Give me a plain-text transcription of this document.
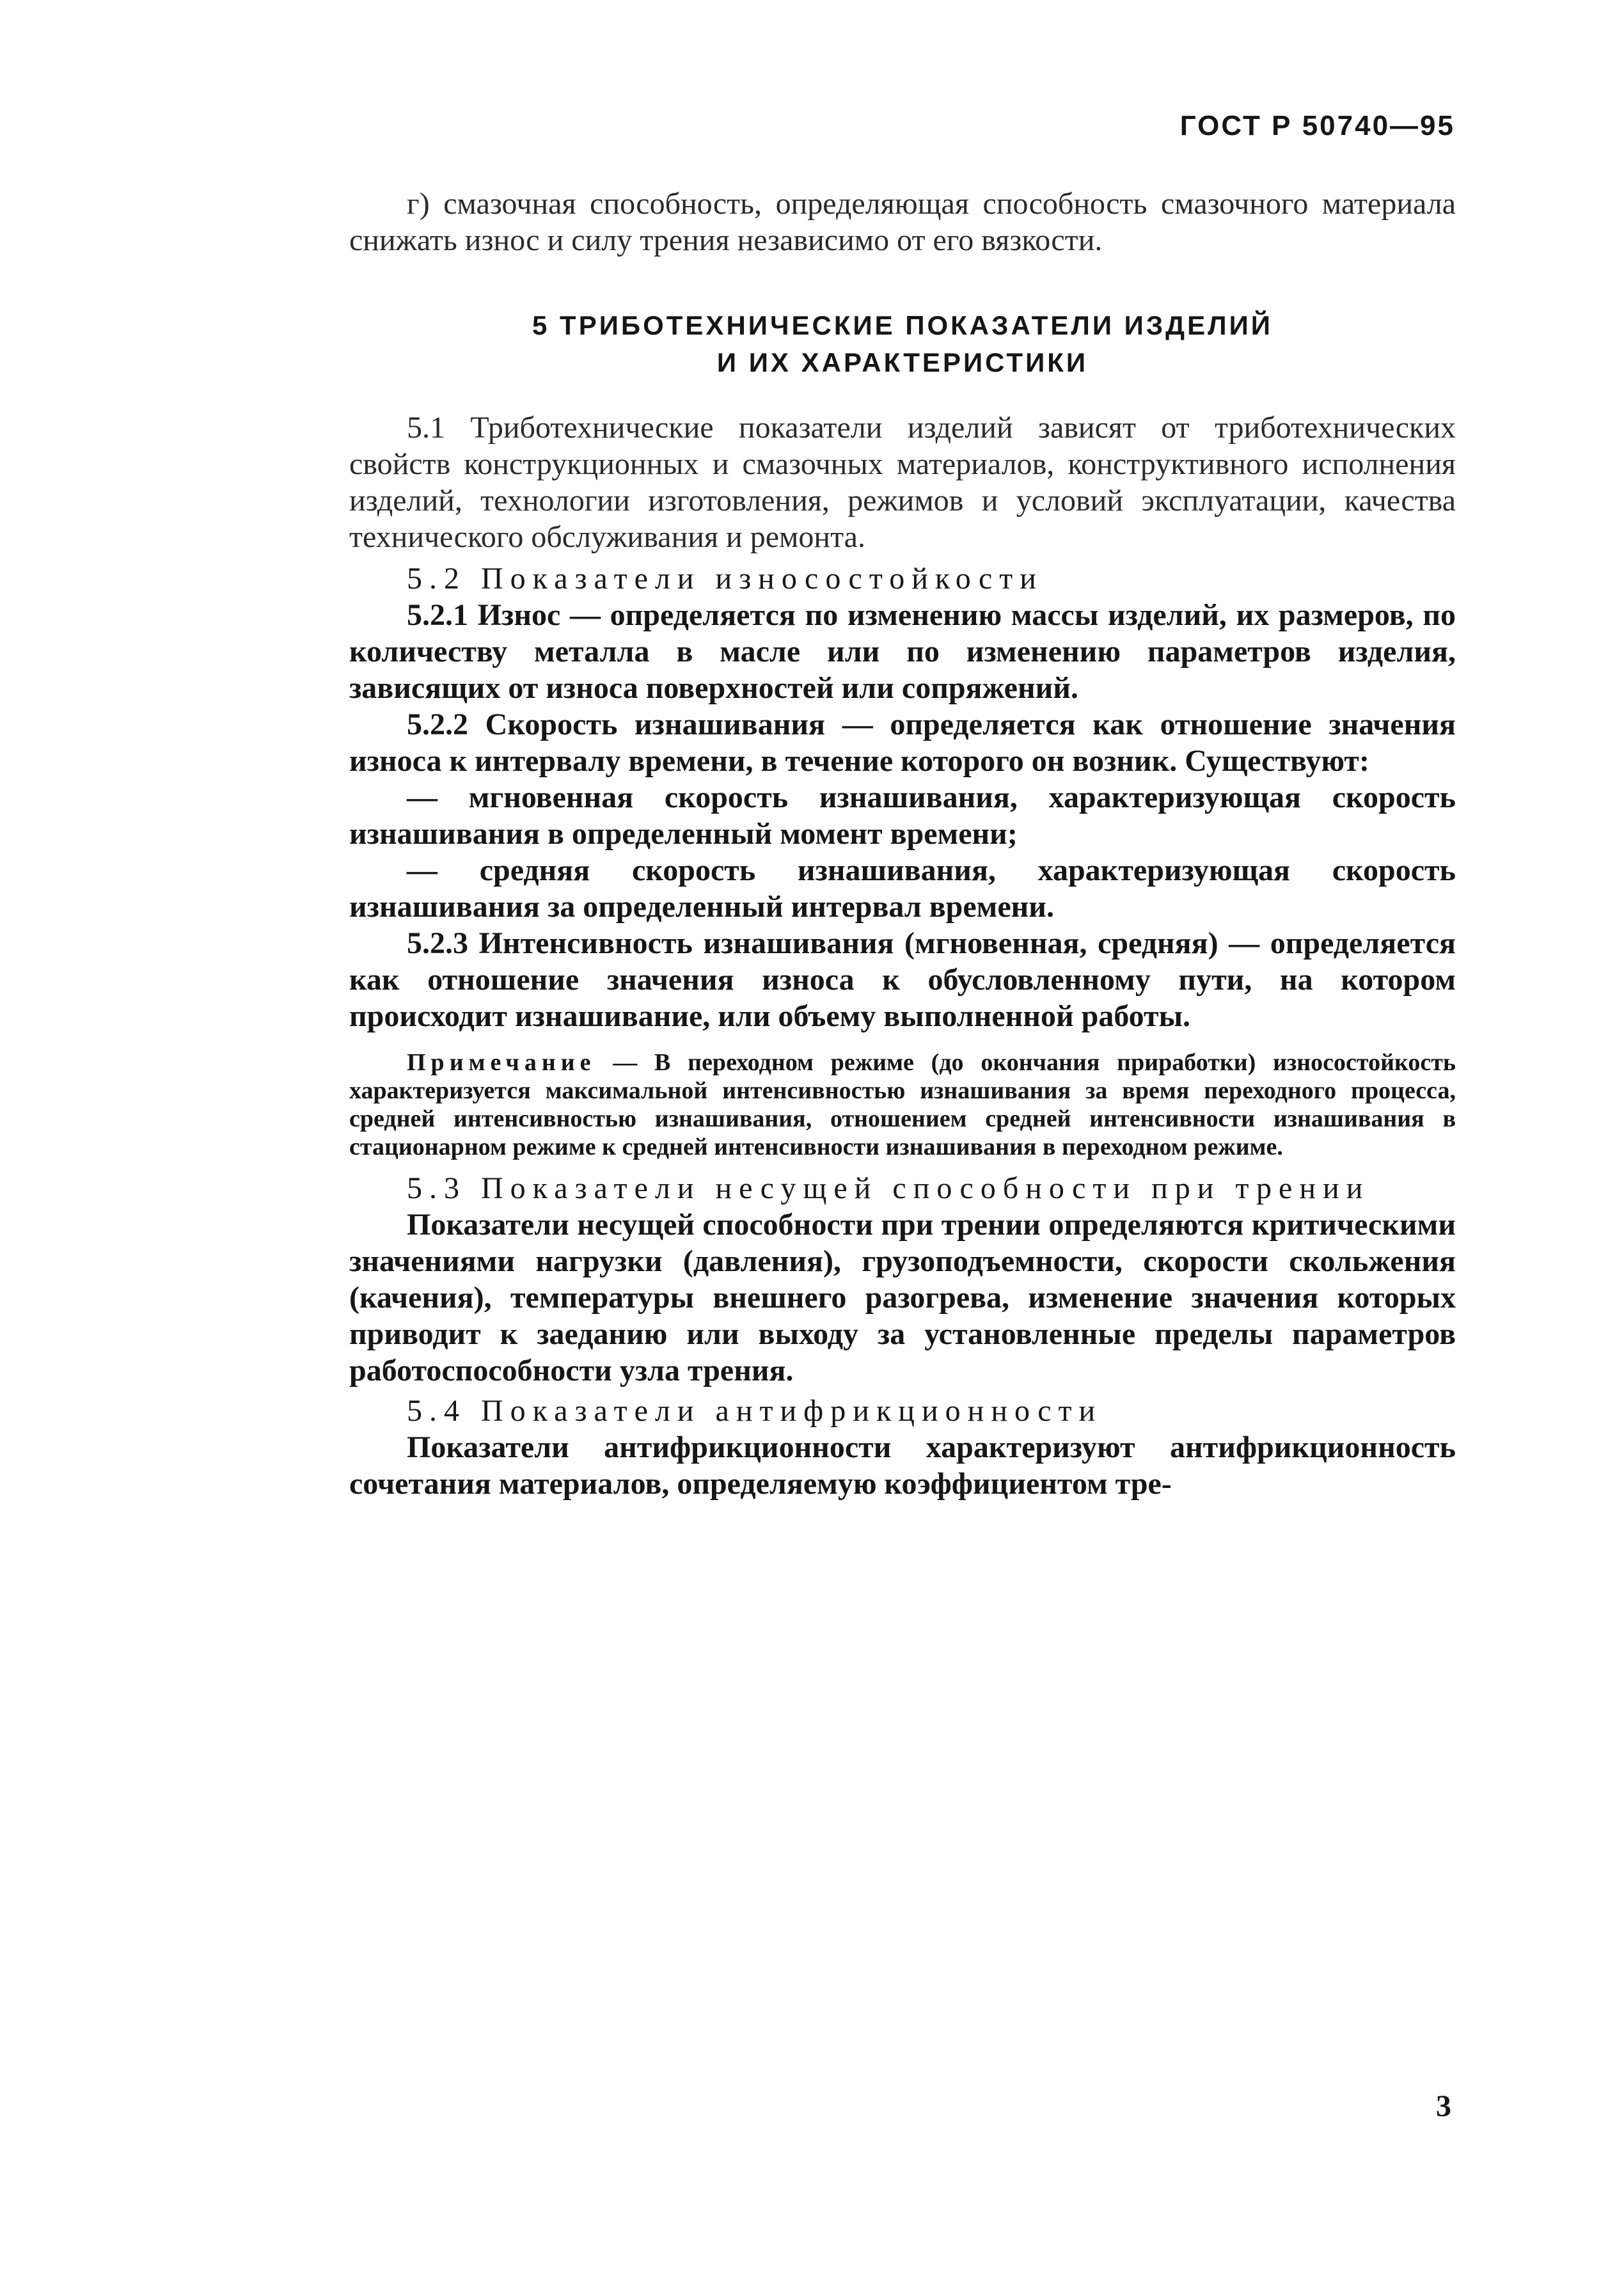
ГОСТ Р 50740—95

г) смазочная способность, определяющая способность смазочного материала снижать износ и силу трения независимо от его вязкости.

5 ТРИБОТЕХНИЧЕСКИЕ ПОКАЗАТЕЛИ ИЗДЕЛИЙ

И ИХ ХАРАКТЕРИСТИКИ

5.1 Триботехнические показатели изделий зависят от триботехнических свойств конструкционных и смазочных материалов, конструктивного исполнения изделий, технологии изготовления, режимов и условий эксплуатации, качества технического обслуживания и ремонта.

5.2 Показатели износостойкости

5.2.1 Износ — определяется по изменению массы изделий, их размеров, по количеству металла в масле или по изменению параметров изделия, зависящих от износа поверхностей или сопряжений.

5.2.2 Скорость изнашивания — определяется как отношение значения износа к интервалу времени, в течение которого он возник. Существуют:

— мгновенная скорость изнашивания, характеризующая скорость изнашивания в определенный момент времени;

— средняя скорость изнашивания, характеризующая скорость изнашивания за определенный интервал времени.

5.2.3 Интенсивность изнашивания (мгновенная, средняя) — определяется как отношение значения износа к обусловленному пути, на котором происходит изнашивание, или объему выполненной работы.

Примечание — В переходном режиме (до окончания приработки) износостойкость характеризуется максимальной интенсивностью изнашивания за время переходного процесса, средней интенсивностью изнашивания, отношением средней интенсивности изнашивания в стационарном режиме к средней интенсивности изнашивания в переходном режиме.

5.3 Показатели несущей способности при трении

Показатели несущей способности при трении определяются критическими значениями нагрузки (давления), грузоподъемности, скорости скольжения (качения), температуры внешнего разогрева, изменение значения которых приводит к заеданию или выходу за установленные пределы параметров работоспособности узла трения.

5.4 Показатели антифрикционности

Показатели антифрикционности характеризуют антифрикционность сочетания материалов, определяемую коэффициентом тре-

3
